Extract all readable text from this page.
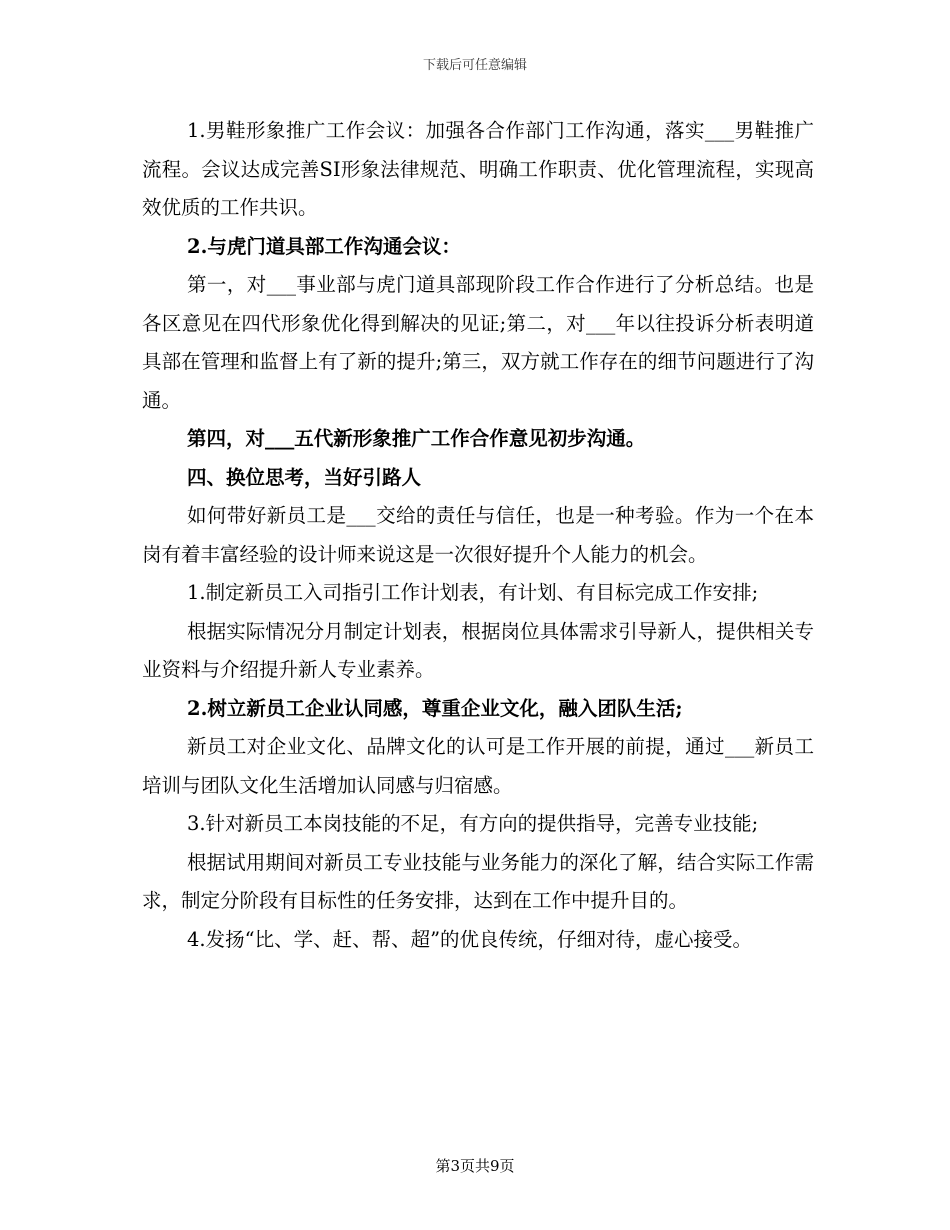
下载后可任意编辑

1.男鞋形象推广工作会议：加强各合作部门工作沟通，落实___男鞋推广流程。会议达成完善SI形象法律规范、明确工作职责、优化管理流程，实现高效优质的工作共识。

2.与虎门道具部工作沟通会议：

第一，对___事业部与虎门道具部现阶段工作合作进行了分析总结。也是各区意见在四代形象优化得到解决的见证;第二，对___年以往投诉分析表明道具部在管理和监督上有了新的提升;第三，双方就工作存在的细节问题进行了沟通。

第四，对___五代新形象推广工作合作意见初步沟通。

四、换位思考，当好引路人

如何带好新员工是___交给的责任与信任，也是一种考验。作为一个在本岗有着丰富经验的设计师来说这是一次很好提升个人能力的机会。

1.制定新员工入司指引工作计划表，有计划、有目标完成工作安排;

根据实际情况分月制定计划表，根据岗位具体需求引导新人，提供相关专业资料与介绍提升新人专业素养。

2.树立新员工企业认同感，尊重企业文化，融入团队生活;

新员工对企业文化、品牌文化的认可是工作开展的前提，通过___新员工培训与团队文化生活增加认同感与归宿感。

3.针对新员工本岗技能的不足，有方向的提供指导，完善专业技能;

根据试用期间对新员工专业技能与业务能力的深化了解，结合实际工作需求，制定分阶段有目标性的任务安排，达到在工作中提升目的。

4.发扬“比、学、赶、帮、超”的优良传统，仔细对待，虚心接受。

第3页共9页
